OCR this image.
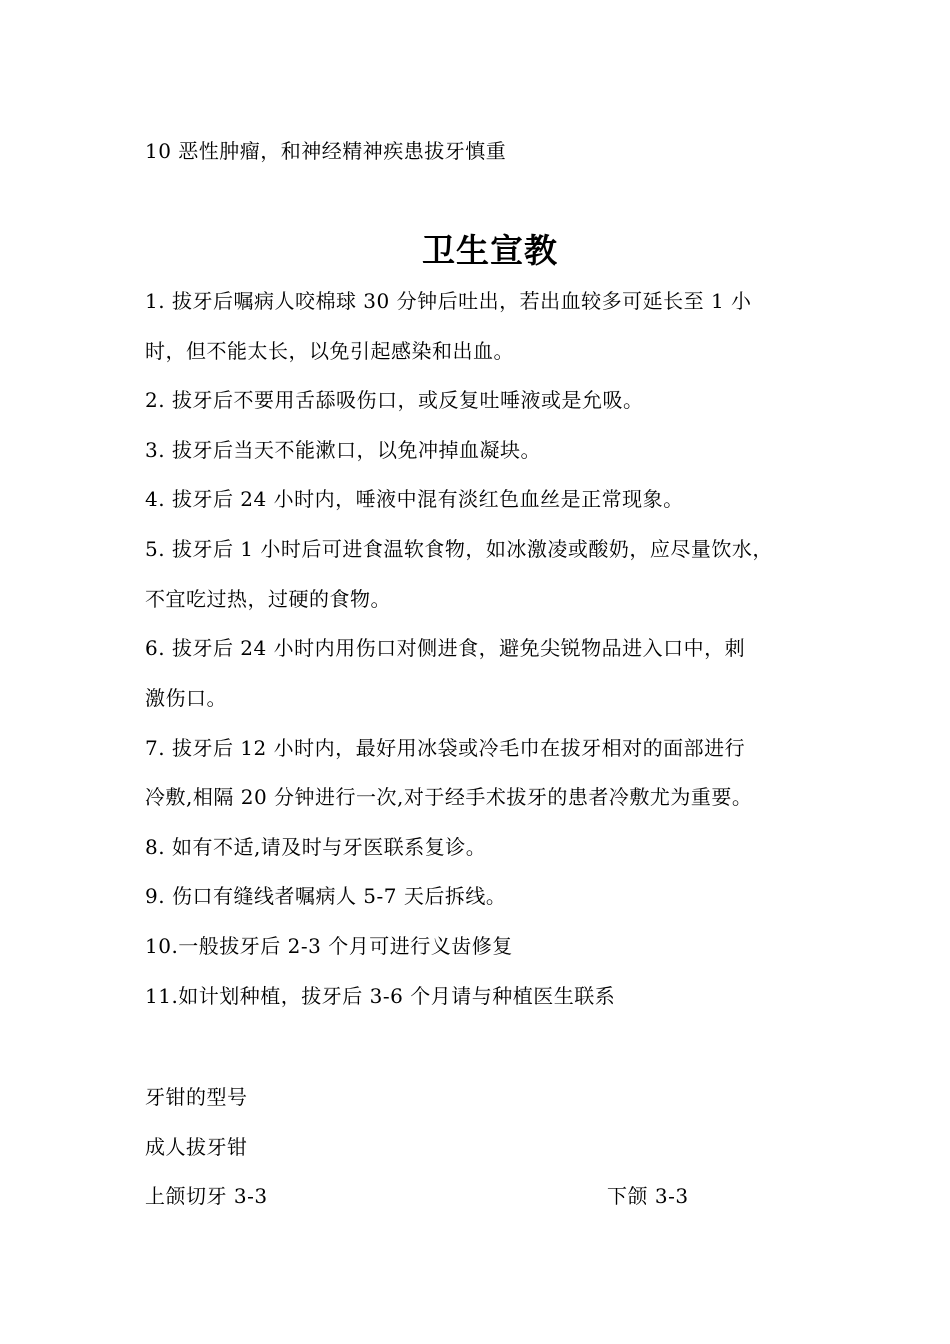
10 恶性肿瘤，和神经精神疾患拔牙慎重
卫生宣教
1. 拔牙后嘱病人咬棉球 30 分钟后吐出，若出血较多可延长至 1 小
时，但不能太长，以免引起感染和出血。
2. 拔牙后不要用舌舔吸伤口，或反复吐唾液或是允吸。
3. 拔牙后当天不能漱口，以免冲掉血凝块。
4. 拔牙后 24 小时内，唾液中混有淡红色血丝是正常现象。
5. 拔牙后 1 小时后可进食温软食物，如冰激凌或酸奶，应尽量饮水，
不宜吃过热，过硬的食物。
6. 拔牙后 24 小时内用伤口对侧进食，避免尖锐物品进入口中，刺
激伤口。
7. 拔牙后 12 小时内，最好用冰袋或冷毛巾在拔牙相对的面部进行
冷敷,相隔 20 分钟进行一次,对于经手术拔牙的患者冷敷尤为重要。
8. 如有不适,请及时与牙医联系复诊。
9. 伤口有缝线者嘱病人 5-7 天后拆线。
10.一般拔牙后 2-3 个月可进行义齿修复
11.如计划种植，拔牙后 3-6 个月请与种植医生联系
牙钳的型号
成人拔牙钳
上颌切牙 3-3	下颌 3-3
